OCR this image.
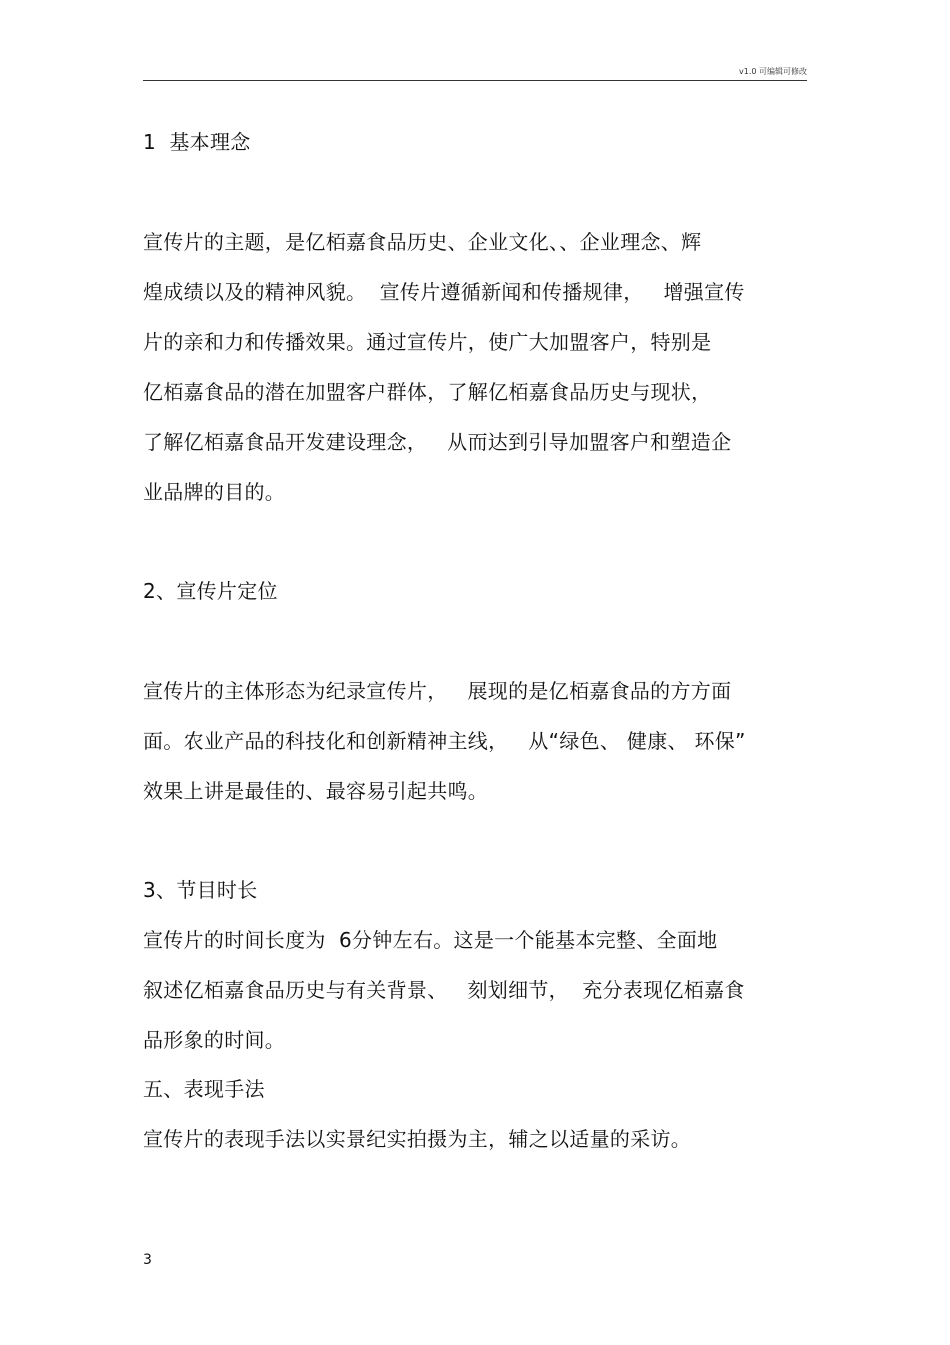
v1.0 可编辑可修改
1  基本理念
宣传片的主题，是亿栢嘉食品历史、企业文化、、企业理念、辉
煌成绩以及的精神风貌。  宣传片遵循新闻和传播规律，   增强宣传
片的亲和力和传播效果。通过宣传片，使广大加盟客户，特别是
亿栢嘉食品的潜在加盟客户群体，了解亿栢嘉食品历史与现状，
了解亿栢嘉食品开发建设理念，   从而达到引导加盟客户和塑造企
业品牌的目的。
2、宣传片定位
宣传片的主体形态为纪录宣传片，   展现的是亿栢嘉食品的方方面
面。农业产品的科技化和创新精神主线，   从“绿色、 健康、 环保”
效果上讲是最佳的、最容易引起共鸣。
3、节目时长
宣传片的时间长度为  6分钟左右。这是一个能基本完整、全面地
叙述亿栢嘉食品历史与有关背景、   刻划细节，  充分表现亿栢嘉食
品形象的时间。
五、表现手法
宣传片的表现手法以实景纪实拍摄为主，辅之以适量的采访。
3
